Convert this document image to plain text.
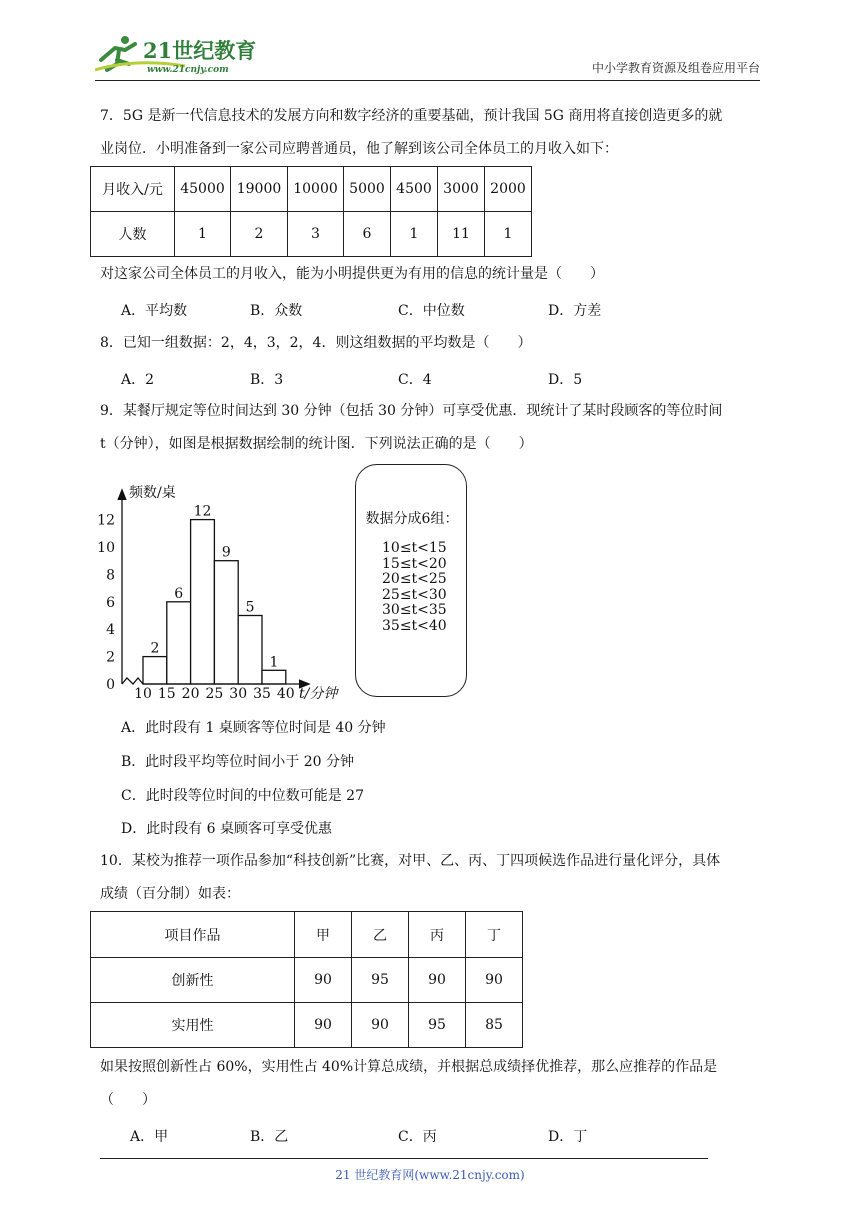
21世纪教育
www.21cnjy.com	中小学教育资源及组卷应用平台
7．5G 是新一代信息技术的发展方向和数字经济的重要基础，预计我国 5G 商用将直接创造更多的就
业岗位．小明准备到一家公司应聘普通员，他了解到该公司全体员工的月收入如下：
月收入/元	45000	19000	10000	5000	4500	3000	2000
人数	1	2	3	6	1	11	1
对这家公司全体员工的月收入，能为小明提供更为有用的信息的统计量是（　　）
A．平均数	B．众数	C．中位数	D．方差
8．已知一组数据：2，4，3，2，4．则这组数据的平均数是（　　）
A．2	B．3	C．4	D．5
9．某餐厅规定等位时间达到 30 分钟（包括 30 分钟）可享受优惠．现统计了某时段顾客的等位时间
t（分钟），如图是根据数据绘制的统计图．下列说法正确的是（　　）
2
6
12
9
5
1
0
2
4
6
8
10
12
10 15 20 25 30 35 40
频数/桌
t/分钟
数据分成6组：
10≤t<15
15≤t<20
20≤t<25
25≤t<30
30≤t<35
35≤t<40
A．此时段有 1 桌顾客等位时间是 40 分钟
B．此时段平均等位时间小于 20 分钟
C．此时段等位时间的中位数可能是 27
D．此时段有 6 桌顾客可享受优惠
10．某校为推荐一项作品参加“科技创新”比赛，对甲、乙、丙、丁四项候选作品进行量化评分，具体
成绩（百分制）如表：
项目作品	甲	乙	丙	丁
创新性	90	95	90	90
实用性	90	90	95	85
如果按照创新性占 60%，实用性占 40%计算总成绩，并根据总成绩择优推荐，那么应推荐的作品是
（　　）
A．甲	B．乙	C．丙	D．丁
21 世纪教育网(www.21cnjy.com)
